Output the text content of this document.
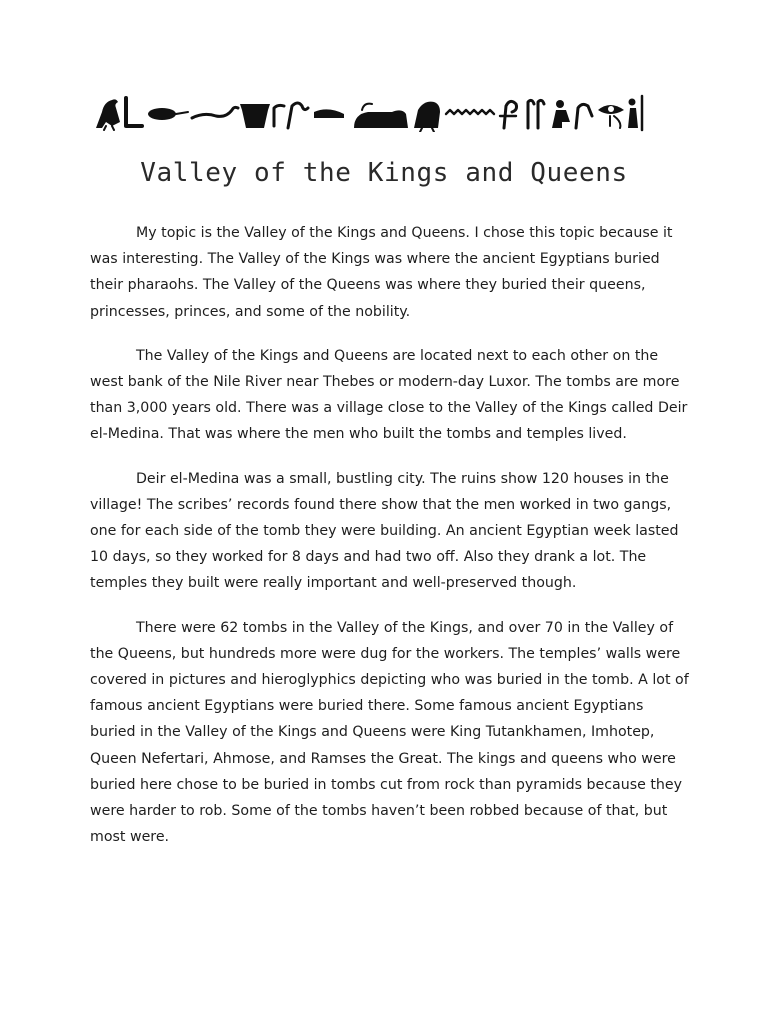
Valley of the Kings and Queens

My topic is the Valley of the Kings and Queens. I chose this topic because it was interesting. The Valley of the Kings was where the ancient Egyptians buried their pharaohs. The Valley of the Queens was where they buried their queens, princesses, princes, and some of the nobility.

The Valley of the Kings and Queens are located next to each other on the west bank of the Nile River near Thebes or modern-day Luxor. The tombs are more than 3,000 years old. There was a village close to the Valley of the Kings called Deir el-Medina. That was where the men who built the tombs and temples lived.

Deir el-Medina was a small, bustling city. The ruins show 120 houses in the village! The scribes’ records found there show that the men worked in two gangs, one for each side of the tomb they were building. An ancient Egyptian week lasted 10 days, so they worked for 8 days and had two off. Also they drank a lot. The temples they built were really important and well-preserved though.

There were 62 tombs in the Valley of the Kings, and over 70 in the Valley of the Queens, but hundreds more were dug for the workers. The temples’ walls were covered in pictures and hieroglyphics depicting who was buried in the tomb. A lot of famous ancient Egyptians were buried there. Some famous ancient Egyptians buried in the Valley of the Kings and Queens were King Tutankhamen, Imhotep, Queen Nefertari, Ahmose, and Ramses the Great. The kings and queens who were buried here chose to be buried in tombs cut from rock than pyramids because they were harder to rob. Some of the tombs haven’t been robbed because of that, but most were.
